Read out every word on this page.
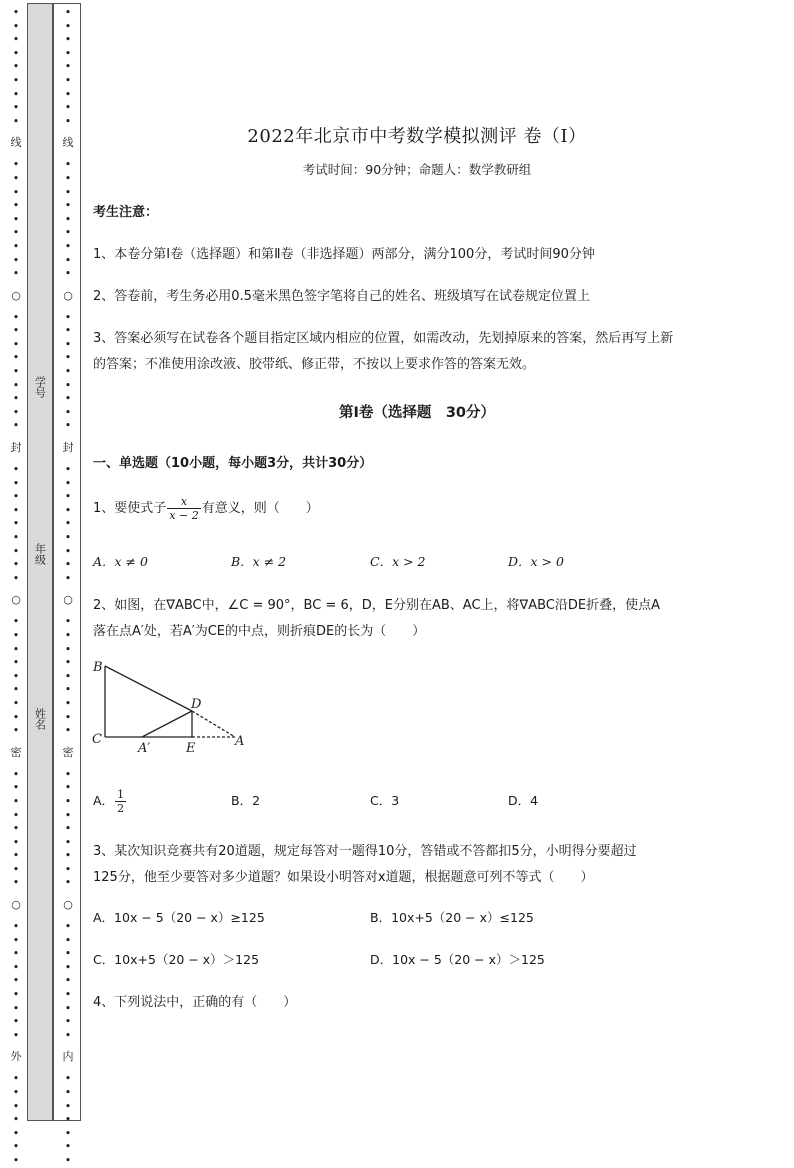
•
•
•
•
•
•
•
•
•
线
•
•
•
•
•
•
•
•
•
○
•
•
•
•
•
•
•
•
•
封
•
•
•
•
•
•
•
•
•
○
•
•
•
•
•
•
•
•
•
密
•
•
•
•
•
•
•
•
•
○
•
•
•
•
•
•
•
•
•
外
•
•
•
•
•
•
•
•
•
•
•
•
•
•
•
•
线
•
•
•
•
•
•
•
•
•
○
•
•
•
•
•
•
•
•
•
封
•
•
•
•
•
•
•
•
•
○
•
•
•
•
•
•
•
•
•
密
•
•
•
•
•
•
•
•
•
○
•
•
•
•
•
•
•
•
•
内
•
•
•
•
•
•
•
学号
年级
姓名
2022年北京市中考数学模拟测评 卷（Ⅰ）
考试时间：90分钟；命题人：数学教研组
考生注意：
1、本卷分第Ⅰ卷（选择题）和第Ⅱ卷（非选择题）两部分，满分100分，考试时间90分钟
2、答卷前，考生务必用0.5毫米黑色签字笔将自己的姓名、班级填写在试卷规定位置上
3、答案必须写在试卷各个题目指定区域内相应的位置，如需改动，先划掉原来的答案，然后再写上新
的答案；不准使用涂改液、胶带纸、修正带，不按以上要求作答的答案无效。
第Ⅰ卷（选择题　30分）
一、单选题（10小题，每小题3分，共计30分）
1、要使式子 $\frac{x}{x - 2}$ 有意义，则（　　）
A．x ≠ 0	B．x ≠ 2	C．x > 2	D．x > 0
2、如图，在∇ABC中，∠C = 90°，BC = 6，D，E分别在AB、AC上，将∇ABC沿DE折叠，使点A
落在点A′处，若A′为CE的中点，则折痕DE的长为（　　）
B
C
A′	E	A
D
A． $\frac{1}{2}$	B．2	C．3	D．4
3、某次知识竞赛共有20道题，规定每答对一题得10分，答错或不答都扣5分，小明得分要超过
125分，他至少要答对多少道题？如果设小明答对x道题，根据题意可列不等式（　　）
A．10x − 5（20 − x）≥125	B．10x+5（20 − x）≤125
C．10x+5（20 − x）＞125	D．10x − 5（20 − x）＞125
4、下列说法中，正确的有（　　）
